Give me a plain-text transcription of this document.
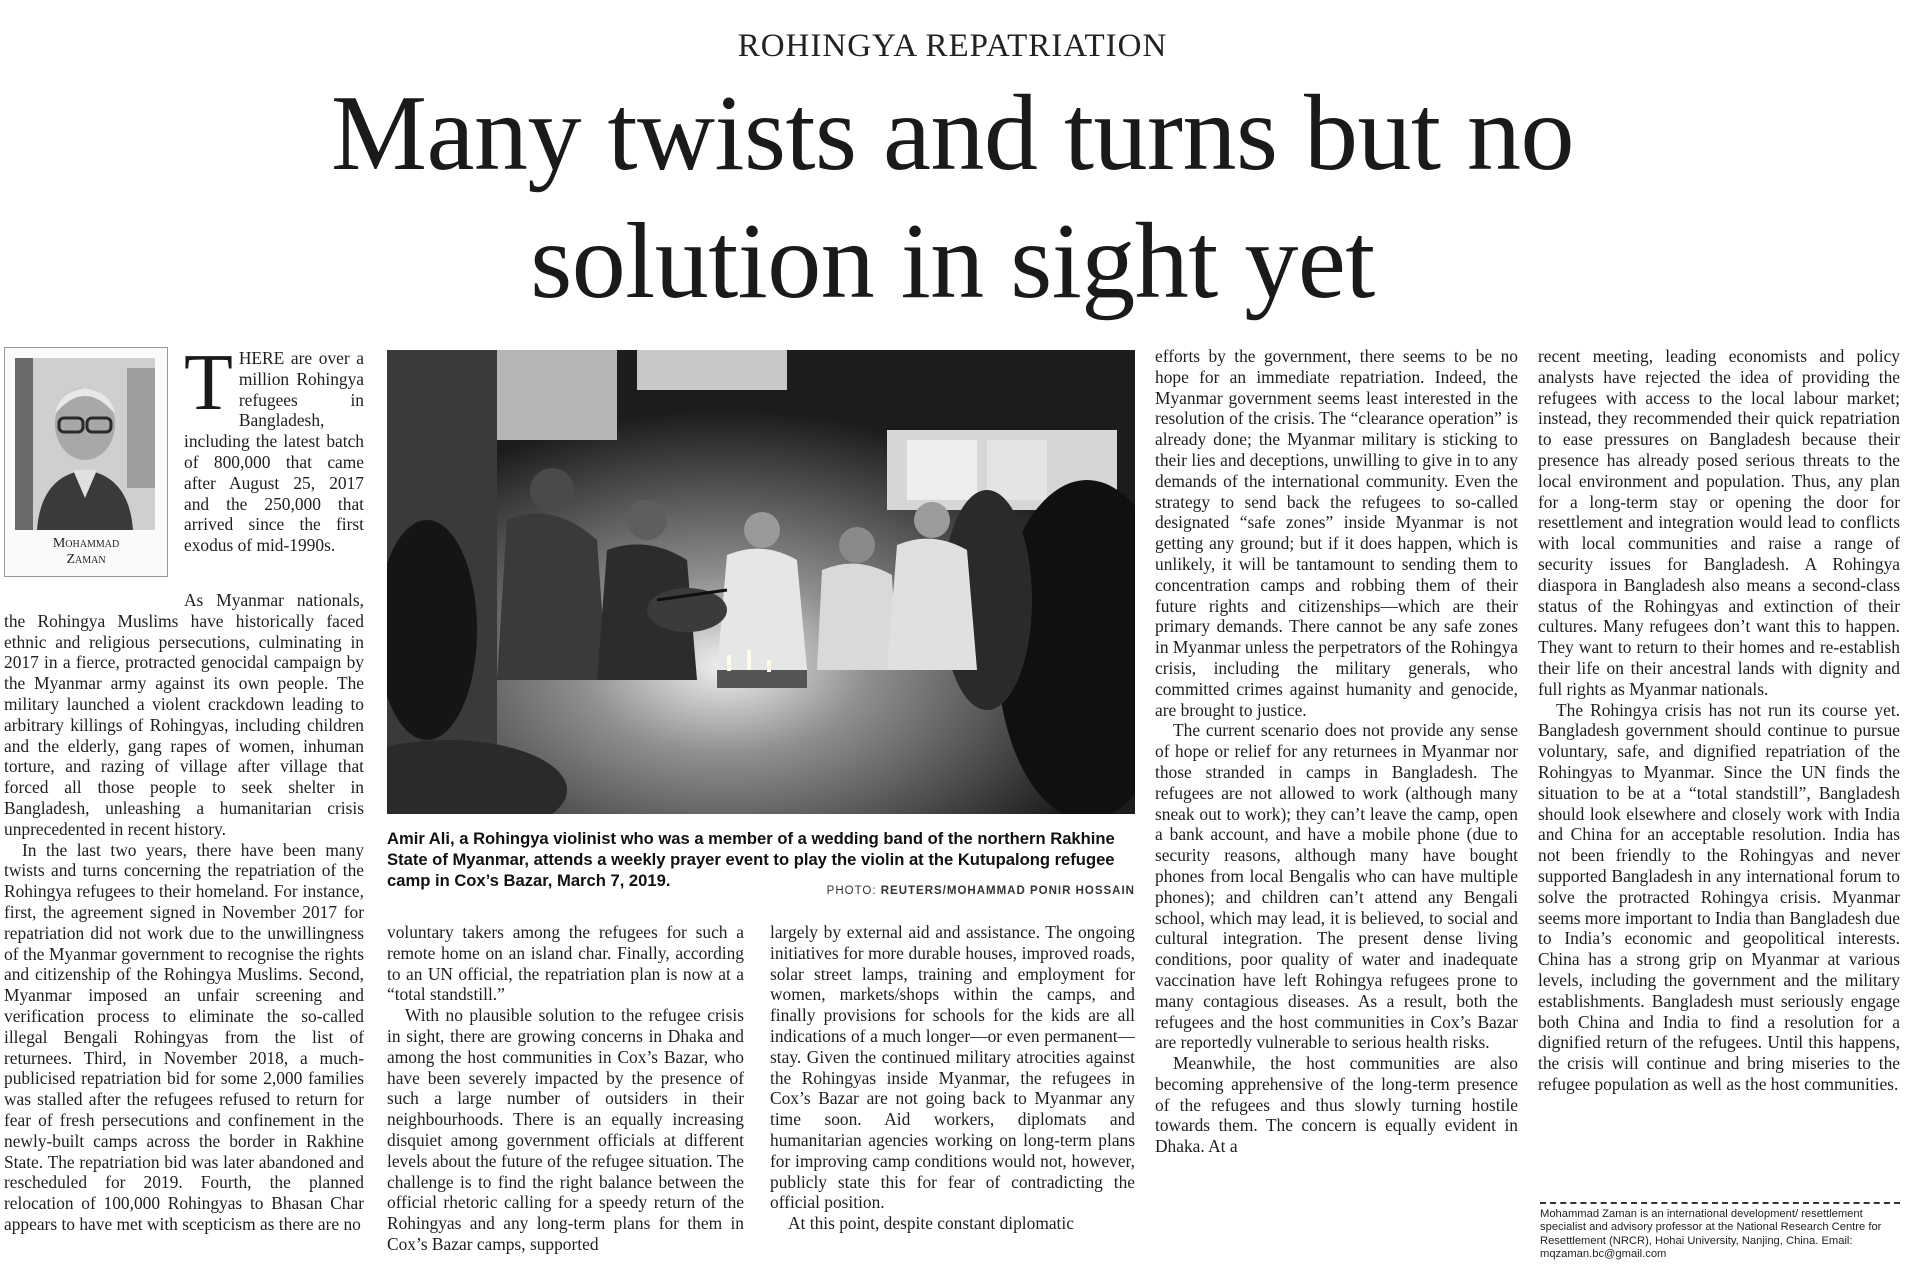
ROHINGYA REPATRIATION
Many twists and turns but no
solution in sight yet
Mohammad
Zaman

THERE are over a million Rohingya refugees in Bangladesh, including the latest batch of 800,000 that came after August 25, 2017 and the 250,000 that arrived since the first exodus of mid-1990s.

As Myanmar nationals, the Rohingya Muslims have historically faced ethnic and religious persecutions, culminating in 2017 in a fierce, protracted genocidal campaign by the Myanmar army against its own people. The military launched a violent crackdown leading to arbitrary killings of Rohingyas, including children and the elderly, gang rapes of women, inhuman torture, and razing of village after village that forced all those people to seek shelter in Bangladesh, unleashing a humanitarian crisis unprecedented in recent history.

In the last two years, there have been many twists and turns concerning the repatriation of the Rohingya refugees to their homeland. For instance, first, the agreement signed in November 2017 for repatriation did not work due to the unwillingness of the Myanmar government to recognise the rights and citizenship of the Rohingya Muslims. Second, Myanmar imposed an unfair screening and verification process to eliminate the so-called illegal Bengali Rohingyas from the list of returnees. Third, in November 2018, a much-publicised repatriation bid for some 2,000 families was stalled after the refugees refused to return for fear of fresh persecutions and confinement in the newly-built camps across the border in Rakhine State. The repatriation bid was later abandoned and rescheduled for 2019. Fourth, the planned relocation of 100,000 Rohingyas to Bhasan Char appears to have met with scepticism as there are no

Amir Ali, a Rohingya violinist who was a member of a wedding band of the northern Rakhine State of Myanmar, attends a weekly prayer event to play the violin at the Kutupalong refugee camp in Cox’s Bazar, March 7, 2019.
PHOTO: REUTERS/MOHAMMAD PONIR HOSSAIN

voluntary takers among the refugees for such a remote home on an island char. Finally, according to an UN official, the repatriation plan is now at a “total standstill.”

With no plausible solution to the refugee crisis in sight, there are growing concerns in Dhaka and among the host communities in Cox’s Bazar, who have been severely impacted by the presence of such a large number of outsiders in their neighbourhoods. There is an equally increasing disquiet among government officials at different levels about the future of the refugee situation. The challenge is to find the right balance between the official rhetoric calling for a speedy return of the Rohingyas and any long-term plans for them in Cox’s Bazar camps, supported

largely by external aid and assistance. The ongoing initiatives for more durable houses, improved roads, solar street lamps, training and employment for women, markets/shops within the camps, and finally provisions for schools for the kids are all indications of a much longer—or even permanent—stay. Given the continued military atrocities against the Rohingyas inside Myanmar, the refugees in Cox’s Bazar are not going back to Myanmar any time soon. Aid workers, diplomats and humanitarian agencies working on long-term plans for improving camp conditions would not, however, publicly state this for fear of contradicting the official position.

At this point, despite constant diplomatic

efforts by the government, there seems to be no hope for an immediate repatriation. Indeed, the Myanmar government seems least interested in the resolution of the crisis. The “clearance operation” is already done; the Myanmar military is sticking to their lies and deceptions, unwilling to give in to any demands of the international community. Even the strategy to send back the refugees to so-called designated “safe zones” inside Myanmar is not getting any ground; but if it does happen, which is unlikely, it will be tantamount to sending them to concentration camps and robbing them of their future rights and citizenships—which are their primary demands. There cannot be any safe zones in Myanmar unless the perpetrators of the Rohingya crisis, including the military generals, who committed crimes against humanity and genocide, are brought to justice.

The current scenario does not provide any sense of hope or relief for any returnees in Myanmar nor those stranded in camps in Bangladesh. The refugees are not allowed to work (although many sneak out to work); they can’t leave the camp, open a bank account, and have a mobile phone (due to security reasons, although many have bought phones from local Bengalis who can have multiple phones); and children can’t attend any Bengali school, which may lead, it is believed, to social and cultural integration. The present dense living conditions, poor quality of water and inadequate vaccination have left Rohingya refugees prone to many contagious diseases. As a result, both the refugees and the host communities in Cox’s Bazar are reportedly vulnerable to serious health risks.

Meanwhile, the host communities are also becoming apprehensive of the long-term presence of the refugees and thus slowly turning hostile towards them. The concern is equally evident in Dhaka. At a

recent meeting, leading economists and policy analysts have rejected the idea of providing the refugees with access to the local labour market; instead, they recommended their quick repatriation to ease pressures on Bangladesh because their presence has already posed serious threats to the local environment and population. Thus, any plan for a long-term stay or opening the door for resettlement and integration would lead to conflicts with local communities and raise a range of security issues for Bangladesh. A Rohingya diaspora in Bangladesh also means a second-class status of the Rohingyas and extinction of their cultures. Many refugees don’t want this to happen. They want to return to their homes and re-establish their life on their ancestral lands with dignity and full rights as Myanmar nationals.

The Rohingya crisis has not run its course yet. Bangladesh government should continue to pursue voluntary, safe, and dignified repatriation of the Rohingyas to Myanmar. Since the UN finds the situation to be at a “total standstill”, Bangladesh should look elsewhere and closely work with India and China for an acceptable resolution. India has not been friendly to the Rohingyas and never supported Bangladesh in any international forum to solve the protracted Rohingya crisis. Myanmar seems more important to India than Bangladesh due to India’s economic and geopolitical interests. China has a strong grip on Myanmar at various levels, including the government and the military establishments. Bangladesh must seriously engage both China and India to find a resolution for a dignified return of the refugees. Until this happens, the crisis will continue and bring miseries to the refugee population as well as the host communities.

Mohammad Zaman is an international development/ resettlement specialist and advisory professor at the National Research Centre for Resettlement (NRCR), Hohai University, Nanjing, China. Email: mqzaman.bc@gmail.com
